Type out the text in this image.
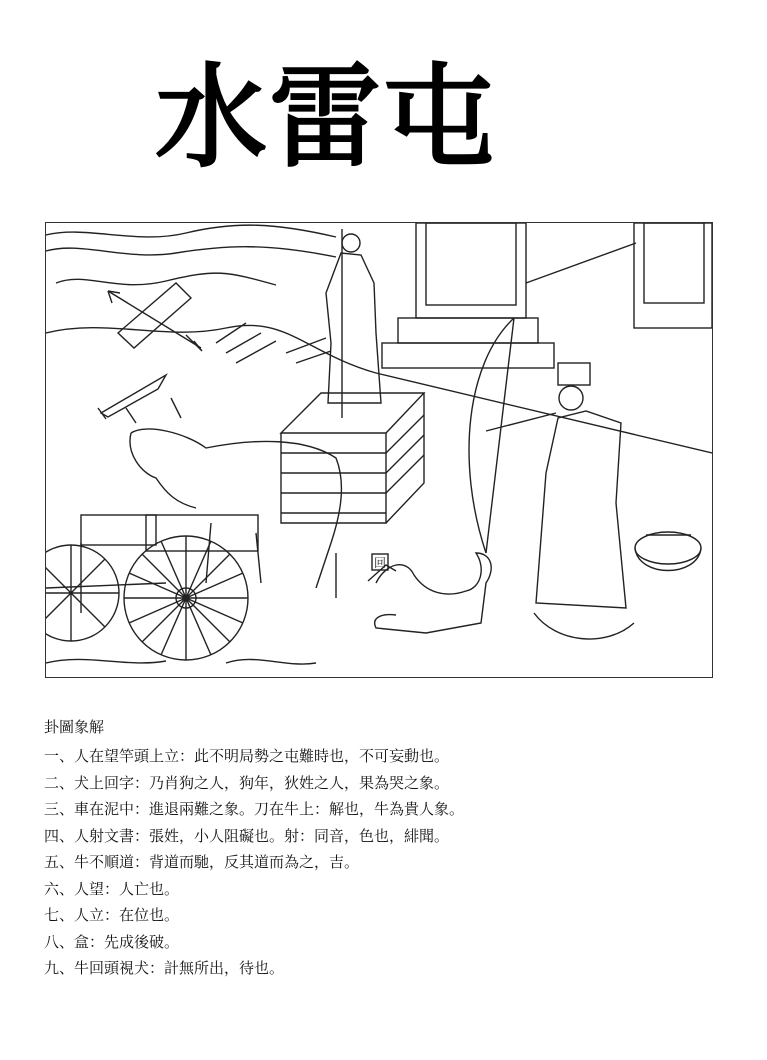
水雷屯
回
卦圖象解
一、人在望竿頭上立：此不明局勢之屯難時也，不可妄動也。
二、犬上回字：乃肖狗之人，狗年，狄姓之人，果為哭之象。
三、車在泥中：進退兩難之象。刀在牛上：解也，牛為貴人象。
四、人射文書：張姓，小人阻礙也。射：同音，色也，緋聞。
五、牛不順道：背道而馳，反其道而為之，吉。
六、人望：人亡也。
七、人立：在位也。
八、盒：先成後破。
九、牛回頭視犬：計無所出，待也。
